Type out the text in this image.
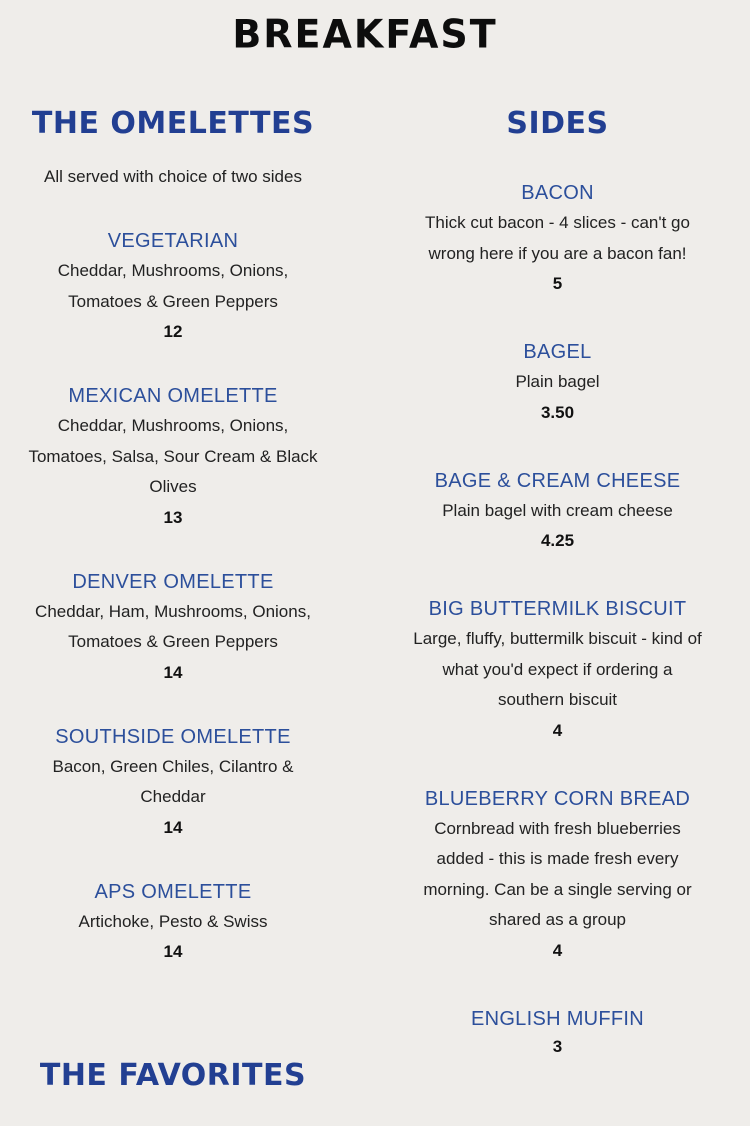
BREAKFAST
THE OMELETTES
All served with choice of two sides
VEGETARIAN
Cheddar, Mushrooms, Onions,
Tomatoes & Green Peppers
12
MEXICAN OMELETTE
Cheddar, Mushrooms, Onions,
Tomatoes, Salsa, Sour Cream & Black
Olives
13
DENVER OMELETTE
Cheddar, Ham, Mushrooms, Onions,
Tomatoes & Green Peppers
14
SOUTHSIDE OMELETTE
Bacon, Green Chiles, Cilantro &
Cheddar
14
APS OMELETTE
Artichoke, Pesto & Swiss
14
THE FAVORITES
SIDES
BACON
Thick cut bacon - 4 slices - can't go
wrong here if you are a bacon fan!
5
BAGEL
Plain bagel
3.50
BAGE & CREAM CHEESE
Plain bagel with cream cheese
4.25
BIG BUTTERMILK BISCUIT
Large, fluffy, buttermilk biscuit - kind of
what you'd expect if ordering a
southern biscuit
4
BLUEBERRY CORN BREAD
Cornbread with fresh blueberries
added - this is made fresh every
morning. Can be a single serving or
shared as a group
4
ENGLISH MUFFIN
3
